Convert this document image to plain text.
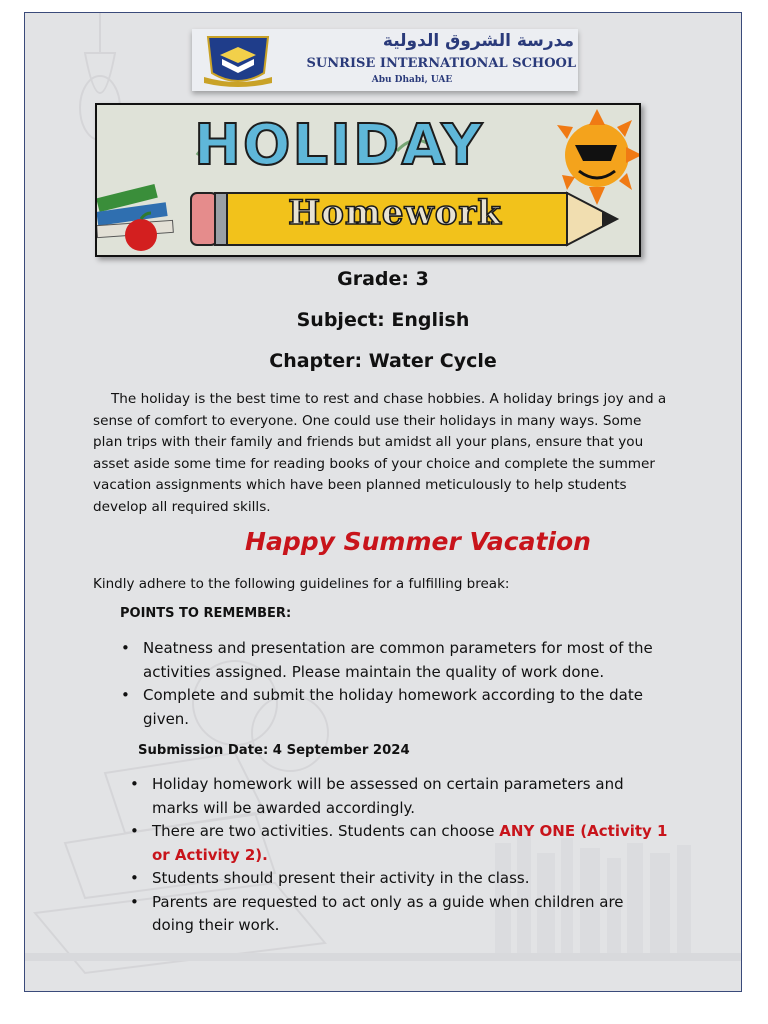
مدرسة الشروق الدولية
SUNRISE INTERNATIONAL SCHOOL
Abu Dhabi, UAE
HOLIDAY
Homework
Grade: 3
Subject: English
Chapter: Water Cycle

The holiday is the best time to rest and chase hobbies. A holiday brings joy and a sense of comfort to everyone. One could use their holidays in many ways. Some plan trips with their family and friends but amidst all your plans, ensure that you asset aside some time for reading books of your choice and complete the summer vacation assignments which have been planned meticulously to help students develop all required skills.

Happy Summer Vacation
Kindly adhere to the following guidelines for a fulfilling break:
POINTS TO REMEMBER:
• Neatness and presentation are common parameters for most of the activities assigned. Please maintain the quality of work done.
• Complete and submit the holiday homework according to the date given.
Submission Date: 4 September 2024
• Holiday homework will be assessed on certain parameters and marks will be awarded accordingly.
• There are two activities. Students can choose ANY ONE (Activity 1 or Activity 2).
• Students should present their activity in the class.
• Parents are requested to act only as a guide when children are doing their work.
